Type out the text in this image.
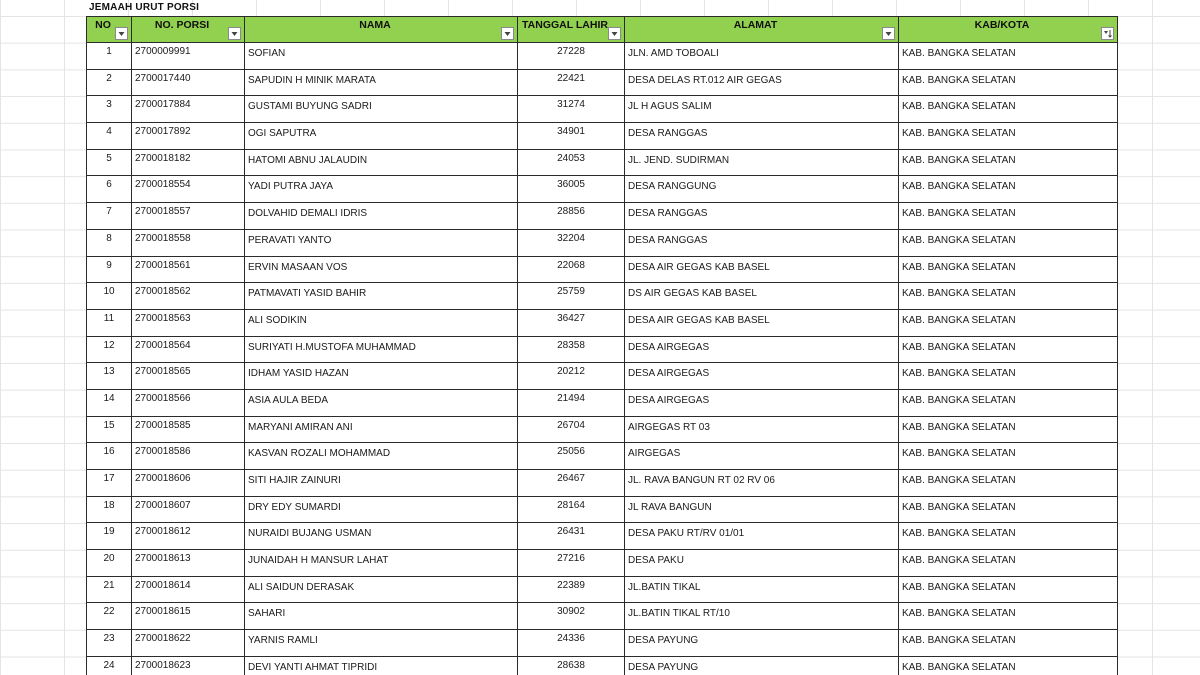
JEMAAH URUT PORSI
NO	NO. PORSI	NAMA	TANGGAL LAHIR	ALAMAT	KAB/KOTA

1	2700009991	SOFIAN	27228	JLN. AMD TOBOALI	KAB. BANGKA SELATAN
2	2700017440	SAPUDIN H MINIK MARATA	22421	DESA DELAS RT.012 AIR GEGAS	KAB. BANGKA SELATAN
3	2700017884	GUSTAMI BUYUNG SADRI	31274	JL H AGUS SALIM	KAB. BANGKA SELATAN
4	2700017892	OGI SAPUTRA	34901	DESA RANGGAS	KAB. BANGKA SELATAN
5	2700018182	HATOMI ABNU JALAUDIN	24053	JL. JEND. SUDIRMAN	KAB. BANGKA SELATAN
6	2700018554	YADI PUTRA JAYA	36005	DESA RANGGUNG	KAB. BANGKA SELATAN
7	2700018557	DOLVAHID DEMALI IDRIS	28856	DESA RANGGAS	KAB. BANGKA SELATAN
8	2700018558	PERAVATI YANTO	32204	DESA RANGGAS	KAB. BANGKA SELATAN
9	2700018561	ERVIN MASAAN VOS	22068	DESA AIR GEGAS KAB BASEL	KAB. BANGKA SELATAN
10	2700018562	PATMAVATI YASID BAHIR	25759	DS AIR GEGAS KAB BASEL	KAB. BANGKA SELATAN
11	2700018563	ALI SODIKIN	36427	DESA AIR GEGAS KAB BASEL	KAB. BANGKA SELATAN
12	2700018564	SURIYATI H.MUSTOFA MUHAMMAD	28358	DESA AIRGEGAS	KAB. BANGKA SELATAN
13	2700018565	IDHAM YASID HAZAN	20212	DESA AIRGEGAS	KAB. BANGKA SELATAN
14	2700018566	ASIA AULA BEDA	21494	DESA AIRGEGAS	KAB. BANGKA SELATAN
15	2700018585	MARYANI AMIRAN ANI	26704	AIRGEGAS RT 03	KAB. BANGKA SELATAN
16	2700018586	KASVAN ROZALI MOHAMMAD	25056	AIRGEGAS	KAB. BANGKA SELATAN
17	2700018606	SITI HAJIR ZAINURI	26467	JL. RAVA BANGUN RT 02 RV 06	KAB. BANGKA SELATAN
18	2700018607	DRY EDY SUMARDI	28164	JL RAVA BANGUN	KAB. BANGKA SELATAN
19	2700018612	NURAIDI BUJANG USMAN	26431	DESA PAKU RT/RV 01/01	KAB. BANGKA SELATAN
20	2700018613	JUNAIDAH H MANSUR LAHAT	27216	DESA PAKU	KAB. BANGKA SELATAN
21	2700018614	ALI SAIDUN DERASAK	22389	JL.BATIN TIKAL	KAB. BANGKA SELATAN
22	2700018615	SAHARI	30902	JL.BATIN TIKAL RT/10	KAB. BANGKA SELATAN
23	2700018622	YARNIS RAMLI	24336	DESA PAYUNG	KAB. BANGKA SELATAN
24	2700018623	DEVI YANTI AHMAT TIPRIDI	28638	DESA PAYUNG	KAB. BANGKA SELATAN
